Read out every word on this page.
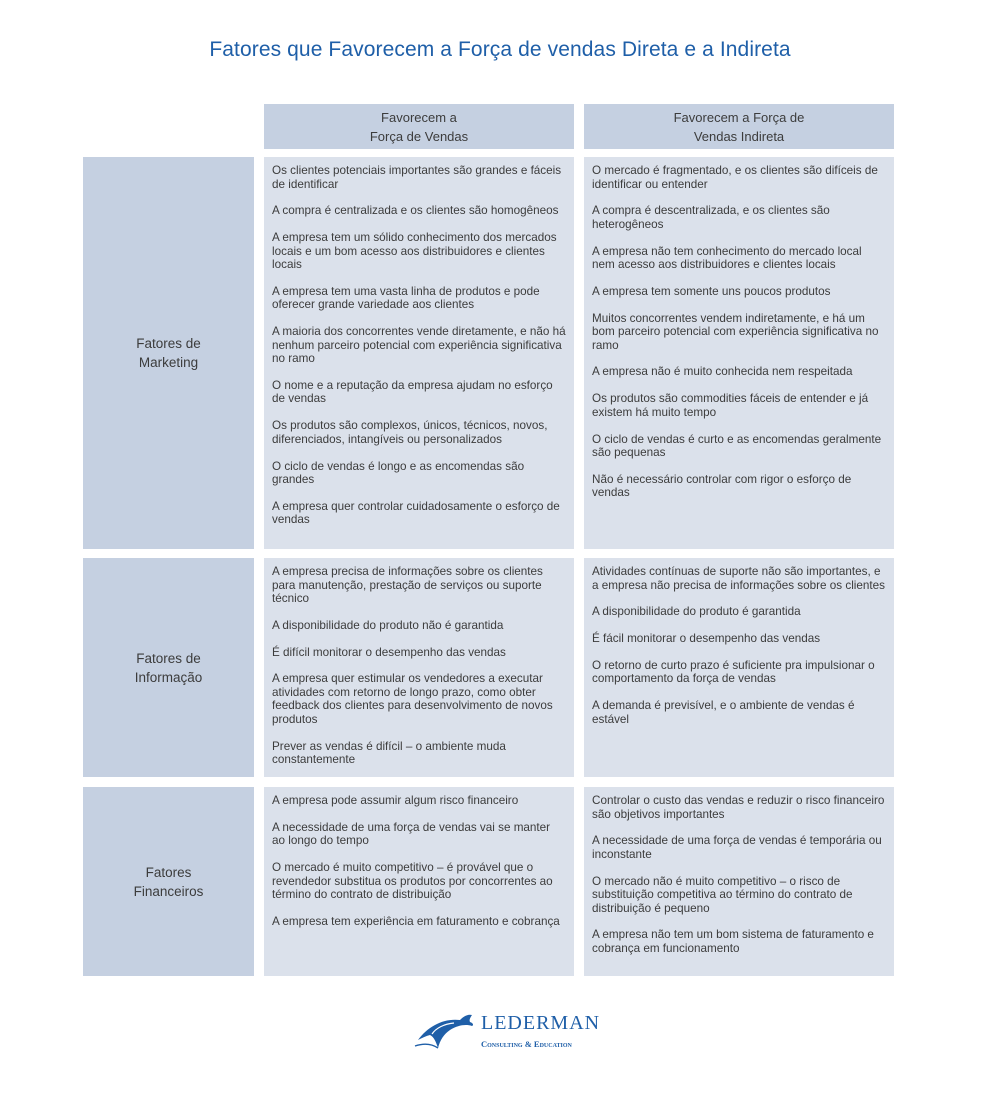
Fatores que Favorecem a Força de vendas Direta e a Indireta
Favorecem a
Força de Vendas
Favorecem a Força de
Vendas Indireta
Fatores de
Marketing

Os clientes potenciais importantes são grandes e fáceis de identificar

A compra é centralizada e os clientes são homogêneos

A empresa tem um sólido conhecimento dos mercados locais e um bom acesso aos distribuidores e clientes locais

A empresa tem uma vasta linha de produtos e pode oferecer grande variedade aos clientes

A maioria dos concorrentes vende diretamente, e não há nenhum parceiro potencial com experiência significativa no ramo

O nome e a reputação da empresa ajudam no esforço de vendas

Os produtos são complexos, únicos, técnicos, novos, diferenciados, intangíveis ou personalizados

O ciclo de vendas é longo e as encomendas são grandes

A empresa quer controlar cuidadosamente o esforço de vendas

O mercado é fragmentado, e os clientes são difíceis de identificar ou entender

A compra é descentralizada, e os clientes são heterogêneos

A empresa não tem conhecimento do mercado local nem acesso aos distribuidores e clientes locais

A empresa tem somente uns poucos produtos

Muitos concorrentes vendem indiretamente, e há um bom parceiro potencial com experiência significativa no ramo

A empresa não é muito conhecida nem respeitada

Os produtos são commodities fáceis de entender e já existem há muito tempo

O ciclo de vendas é curto e as encomendas geralmente são pequenas

Não é necessário controlar com rigor o esforço de vendas

Fatores de
Informação

A empresa precisa de informações sobre os clientes para manutenção, prestação de serviços ou suporte técnico

A disponibilidade do produto não é garantida

É difícil monitorar o desempenho das vendas

A empresa quer estimular os vendedores a executar atividades com retorno de longo prazo, como obter feedback dos clientes para desenvolvimento de novos produtos

Prever as vendas é difícil – o ambiente muda constantemente

Atividades contínuas de suporte não são importantes, e a empresa não precisa de informações sobre os clientes

A disponibilidade do produto é garantida

É fácil monitorar o desempenho das vendas

O retorno de curto prazo é suficiente pra impulsionar o comportamento da força de vendas

A demanda é previsível, e o ambiente de vendas é estável

Fatores
Financeiros

A empresa pode assumir algum risco financeiro

A necessidade de uma força de vendas vai se manter ao longo do tempo

O mercado é muito competitivo – é provável que o revendedor substitua os produtos por concorrentes ao término do contrato de distribuição

A empresa tem experiência em faturamento e cobrança

Controlar o custo das vendas e reduzir o risco financeiro são objetivos importantes

A necessidade de uma força de vendas é temporária ou inconstante

O mercado não é muito competitivo – o risco de substituição competitiva ao término do contrato de distribuição é pequeno

A empresa não tem um bom sistema de faturamento e cobrança em funcionamento

LEDERMAN
Consulting & Education
